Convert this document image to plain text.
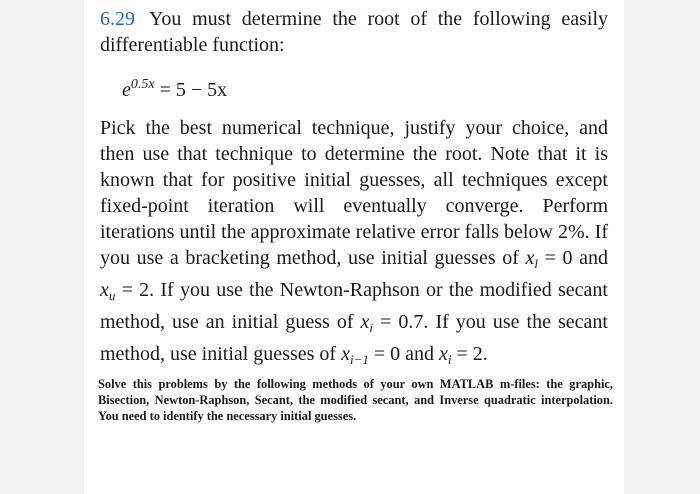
6.29 You must determine the root of the following easily differentiable function:

$e^{0.5x} = 5 - 5x$

Pick the best numerical technique, justify your choice, and then use that technique to determine the root. Note that it is known that for positive initial guesses, all techniques except fixed-point iteration will eventually converge. Perform iterations until the approximate relative error falls below 2%. If you use a bracketing method, use initial guesses of $x_l = 0$ and $x_u = 2$. If you use the Newton-Raphson or the modified secant method, use an initial guess of $x_i = 0.7$. If you use the secant method, use initial guesses of $x_{i-1} = 0$ and $x_i = 2$.

Solve this problems by the following methods of your own MATLAB m-files: the graphic, Bisection, Newton-Raphson, Secant, the modified secant, and Inverse quadratic interpolation. You need to identify the necessary initial guesses.
